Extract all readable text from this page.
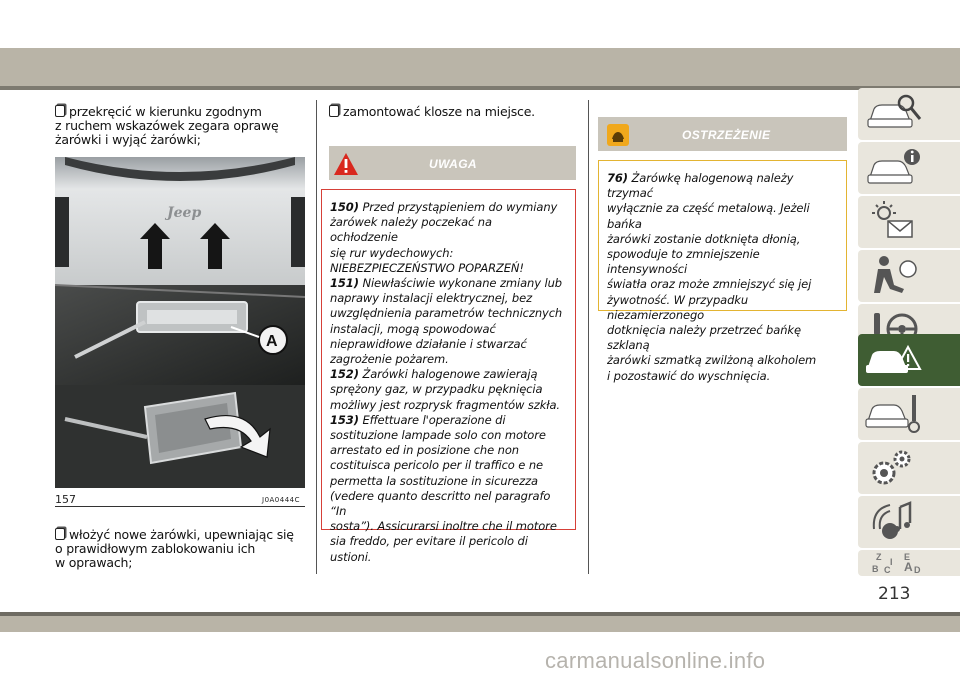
przekręcić w kierunku zgodnym
z ruchem wskazówek zegara oprawę
żarówki i wyjąć żarówki;
Jeep
A
157	J0A0444C
włożyć nowe żarówki, upewniając się
o prawidłowym zablokowaniu ich
w oprawach;
zamontować klosze na miejsce.
UWAGA

150) Przed przystąpieniem do wymiany
żarówek należy poczekać na ochłodzenie
się rur wydechowych:
NIEBEZPIECZEŃSTWO POPARZEŃ!

151) Niewłaściwie wykonane zmiany lub
naprawy instalacji elektrycznej, bez
uwzględnienia parametrów technicznych
instalacji, mogą spowodować
nieprawidłowe działanie i stwarzać
zagrożenie pożarem.

152) Żarówki halogenowe zawierają
sprężony gaz, w przypadku pęknięcia
możliwy jest rozprysk fragmentów szkła.

153) Effettuare l'operazione di
sostituzione lampade solo con motore
arrestato ed in posizione che non
costituisca pericolo per il traffico e ne
permetta la sostituzione in sicurezza
(vedere quanto descritto nel paragrafo “In
sosta”). Assicurarsi inoltre che il motore
sia freddo, per evitare il pericolo di
ustioni.

OSTRZEŻENIE

76) Żarówkę halogenową należy trzymać
wyłącznie za część metalową. Jeżeli bańka
żarówki zostanie dotknięta dłonią,
spowoduje to zmniejszenie intensywności
światła oraz może zmniejszyć się jej
żywotność. W przypadku niezamierzonego
dotknięcia należy przetrzeć bańkę szklaną
żarówki szmatką zwilżoną alkoholem
i pozostawić do wyschnięcia.

Z	E
B A
C	D
I
213
carmanualsonline.info
